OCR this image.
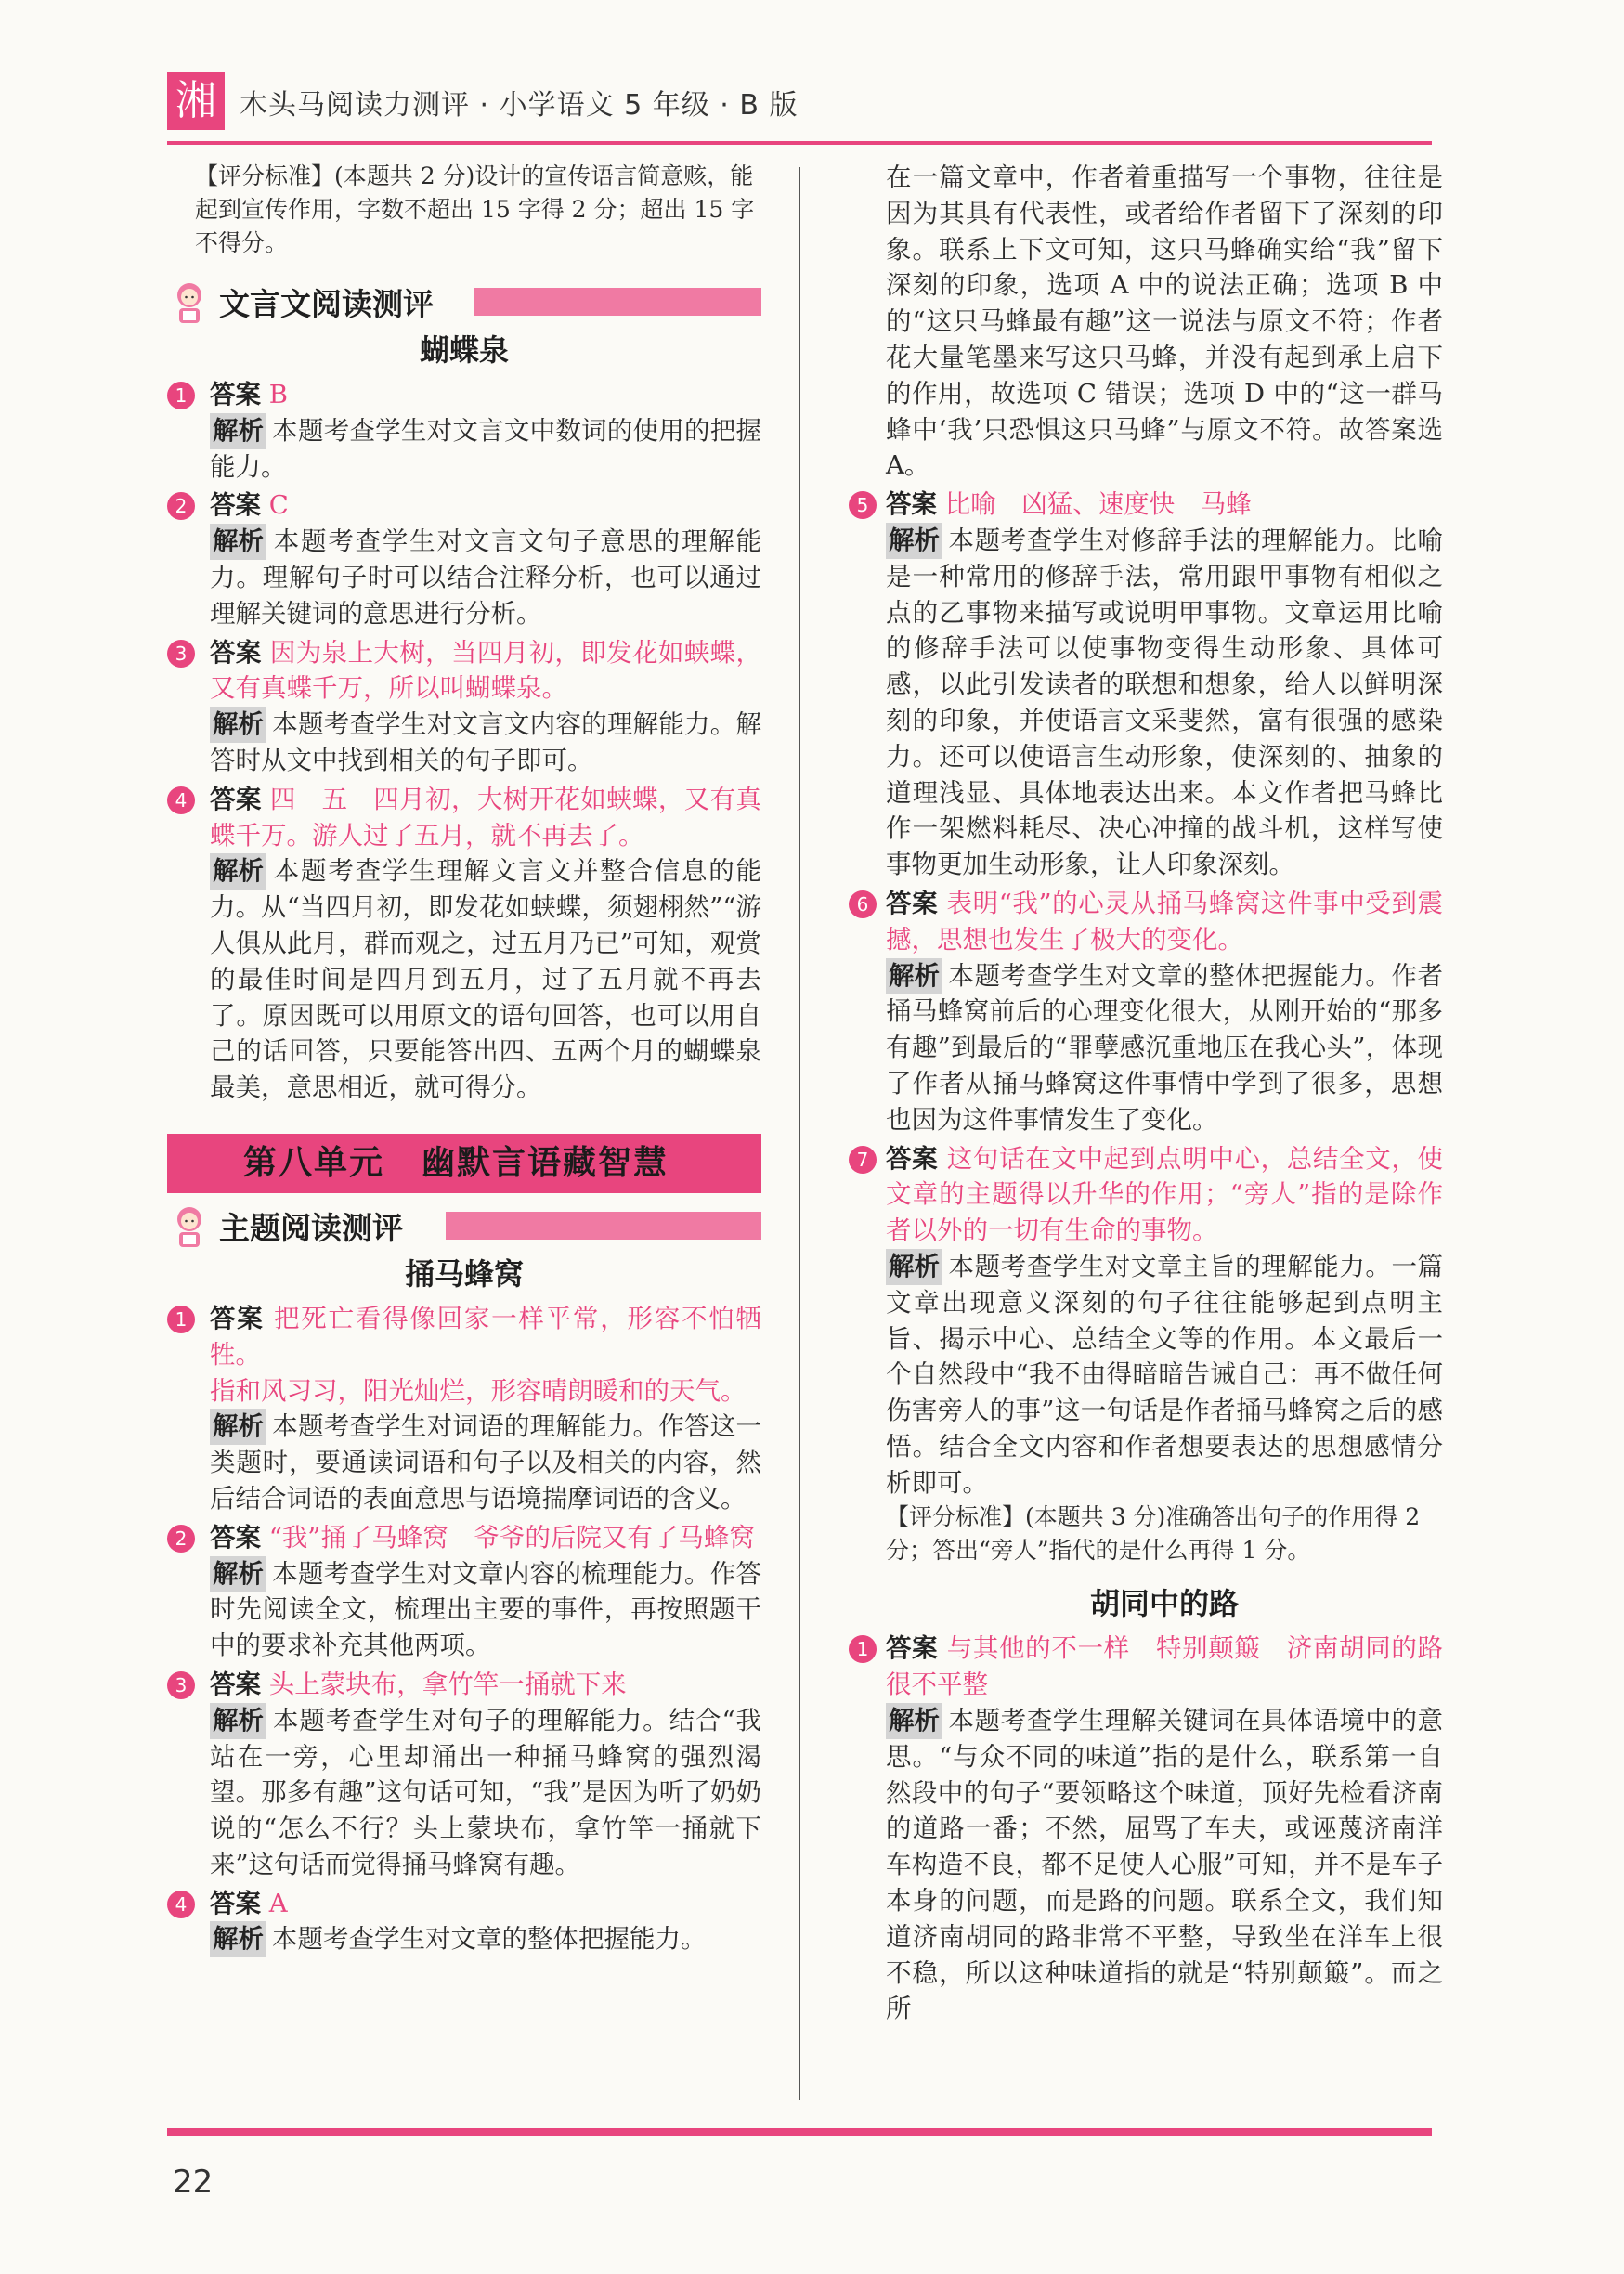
湘 木头马阅读力测评 · 小学语文 5 年级 · B 版

【评分标准】(本题共 2 分)设计的宣传语言简意赅，能起到宣传作用，字数不超出 15 字得 2 分；超出 15 字不得分。

文言文阅读测评
蝴蝶泉
1 答案 B

解析 本题考查学生对文言文中数词的使用的把握能力。

2 答案 C

解析 本题考查学生对文言文句子意思的理解能力。理解句子时可以结合注释分析，也可以通过理解关键词的意思进行分析。

3 答案 因为泉上大树，当四月初，即发花如蛱蝶，又有真蝶千万，所以叫蝴蝶泉。

解析 本题考查学生对文言文内容的理解能力。解答时从文中找到相关的句子即可。

4 答案 四　五　四月初，大树开花如蛱蝶，又有真蝶千万。游人过了五月，就不再去了。

解析 本题考查学生理解文言文并整合信息的能力。从“当四月初，即发花如蛱蝶，须翅栩然”“游人俱从此月，群而观之，过五月乃已”可知，观赏的最佳时间是四月到五月，过了五月就不再去了。原因既可以用原文的语句回答，也可以用自己的话回答，只要能答出四、五两个月的蝴蝶泉最美，意思相近，就可得分。

第八单元 幽默言语藏智慧
主题阅读测评
捅马蜂窝
1 答案 把死亡看得像回家一样平常，形容不怕牺牲。

指和风习习，阳光灿烂，形容晴朗暖和的天气。

解析 本题考查学生对词语的理解能力。作答这一类题时，要通读词语和句子以及相关的内容，然后结合词语的表面意思与语境揣摩词语的含义。

2 答案 “我”捅了马蜂窝　爷爷的后院又有了马蜂窝

解析 本题考查学生对文章内容的梳理能力。作答时先阅读全文，梳理出主要的事件，再按照题干中的要求补充其他两项。

3 答案 头上蒙块布，拿竹竿一捅就下来

解析 本题考查学生对句子的理解能力。结合“我站在一旁，心里却涌出一种捅马蜂窝的强烈渴望。那多有趣”这句话可知，“我”是因为听了奶奶说的“怎么不行？头上蒙块布，拿竹竿一捅就下来”这句话而觉得捅马蜂窝有趣。

4 答案 A

解析 本题考查学生对文章的整体把握能力。

在一篇文章中，作者着重描写一个事物，往往是因为其具有代表性，或者给作者留下了深刻的印象。联系上下文可知，这只马蜂确实给“我”留下深刻的印象，选项 A 中的说法正确；选项 B 中的“这只马蜂最有趣”这一说法与原文不符；作者花大量笔墨来写这只马蜂，并没有起到承上启下的作用，故选项 C 错误；选项 D 中的“这一群马蜂中‘我’只恐惧这只马蜂”与原文不符。故答案选 A。

5 答案 比喻　凶猛、速度快　马蜂

解析 本题考查学生对修辞手法的理解能力。比喻是一种常用的修辞手法，常用跟甲事物有相似之点的乙事物来描写或说明甲事物。文章运用比喻的修辞手法可以使事物变得生动形象、具体可感，以此引发读者的联想和想象，给人以鲜明深刻的印象，并使语言文采斐然，富有很强的感染力。还可以使语言生动形象，使深刻的、抽象的道理浅显、具体地表达出来。本文作者把马蜂比作一架燃料耗尽、决心冲撞的战斗机，这样写使事物更加生动形象，让人印象深刻。

6 答案 表明“我”的心灵从捅马蜂窝这件事中受到震撼，思想也发生了极大的变化。

解析 本题考查学生对文章的整体把握能力。作者捅马蜂窝前后的心理变化很大，从刚开始的“那多有趣”到最后的“罪孽感沉重地压在我心头”，体现了作者从捅马蜂窝这件事情中学到了很多，思想也因为这件事情发生了变化。

7 答案 这句话在文中起到点明中心，总结全文，使文章的主题得以升华的作用；“旁人”指的是除作者以外的一切有生命的事物。

解析 本题考查学生对文章主旨的理解能力。一篇文章出现意义深刻的句子往往能够起到点明主旨、揭示中心、总结全文等的作用。本文最后一个自然段中“我不由得暗暗告诫自己：再不做任何伤害旁人的事”这一句话是作者捅马蜂窝之后的感悟。结合全文内容和作者想要表达的思想感情分析即可。

【评分标准】(本题共 3 分)准确答出句子的作用得 2 分；答出“旁人”指代的是什么再得 1 分。

胡同中的路
1 答案 与其他的不一样　特别颠簸　济南胡同的路很不平整

解析 本题考查学生理解关键词在具体语境中的意思。“与众不同的味道”指的是什么，联系第一自然段中的句子“要领略这个味道，顶好先检看济南的道路一番；不然，屈骂了车夫，或诬蔑济南洋车构造不良，都不足使人心服”可知，并不是车子本身的问题，而是路的问题。联系全文，我们知道济南胡同的路非常不平整，导致坐在洋车上很不稳，所以这种味道指的就是“特别颠簸”。而之所

22
